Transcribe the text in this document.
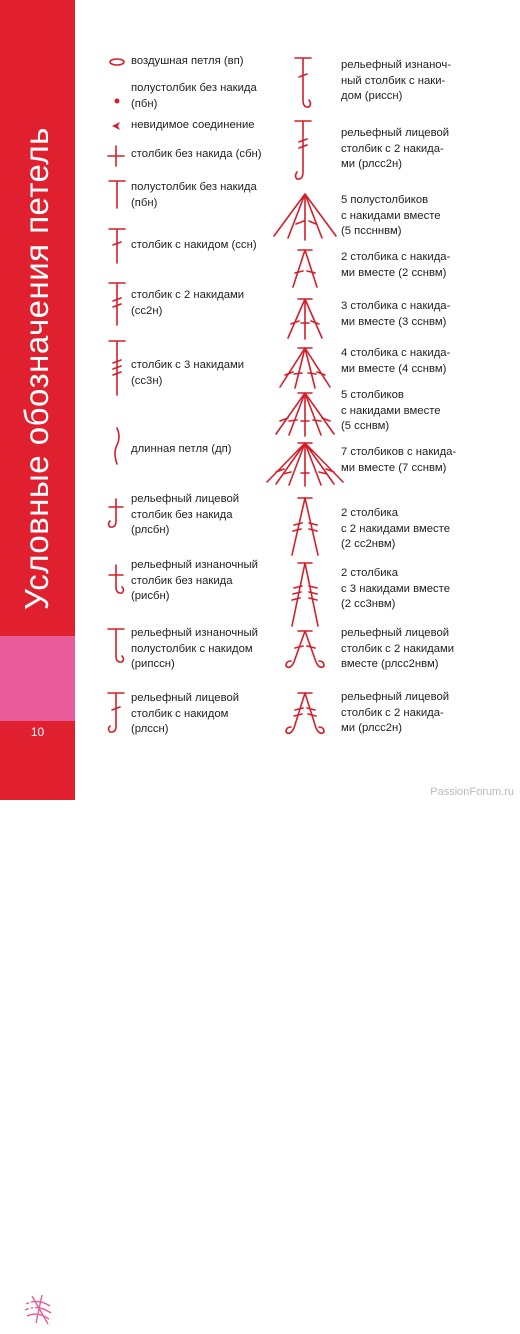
Условные обозначения петель
10
воздушная петля (вп)
полустолбик без накида
(пбн)
невидимое соединение
столбик без накида (сбн)
полустолбик без накида
(пбн)
столбик с накидом (ссн)
столбик с 2 накидами
(сс2н)
столбик с 3 накидами
(сс3н)
длинная петля (дп)
рельефный лицевой
столбик без накида
(рлсбн)
рельефный изнаночный
столбик без накида
(рисбн)
рельефный изнаночный
полустолбик с накидом
(рипссн)
рельефный лицевой
столбик с накидом
(рлссн)
рельефный изнаноч-
ный столбик с наки-
дом (риссн)
рельефный лицевой
столбик с 2 накида-
ми (рлсс2н)
5 полустолбиков
с накидами вместе
(5 пссннвм)
2 столбика с накида-
ми вместе (2 сснвм)
3 столбика с накида-
ми вместе (3 сснвм)
4 столбика с накида-
ми вместе (4 сснвм)
5 столбиков
с накидами вместе
(5 сснвм)
7 столбиков с накида-
ми вместе (7 сснвм)
2 столбика
с 2 накидами вместе
(2 сс2нвм)
2 столбика
с 3 накидами вместе
(2 сс3нвм)
рельефный лицевой
столбик с 2 накидами
вместе (рлсс2нвм)
рельефный лицевой
столбик с 2 накида-
ми (рлсс2н)
PassionForum.ru
